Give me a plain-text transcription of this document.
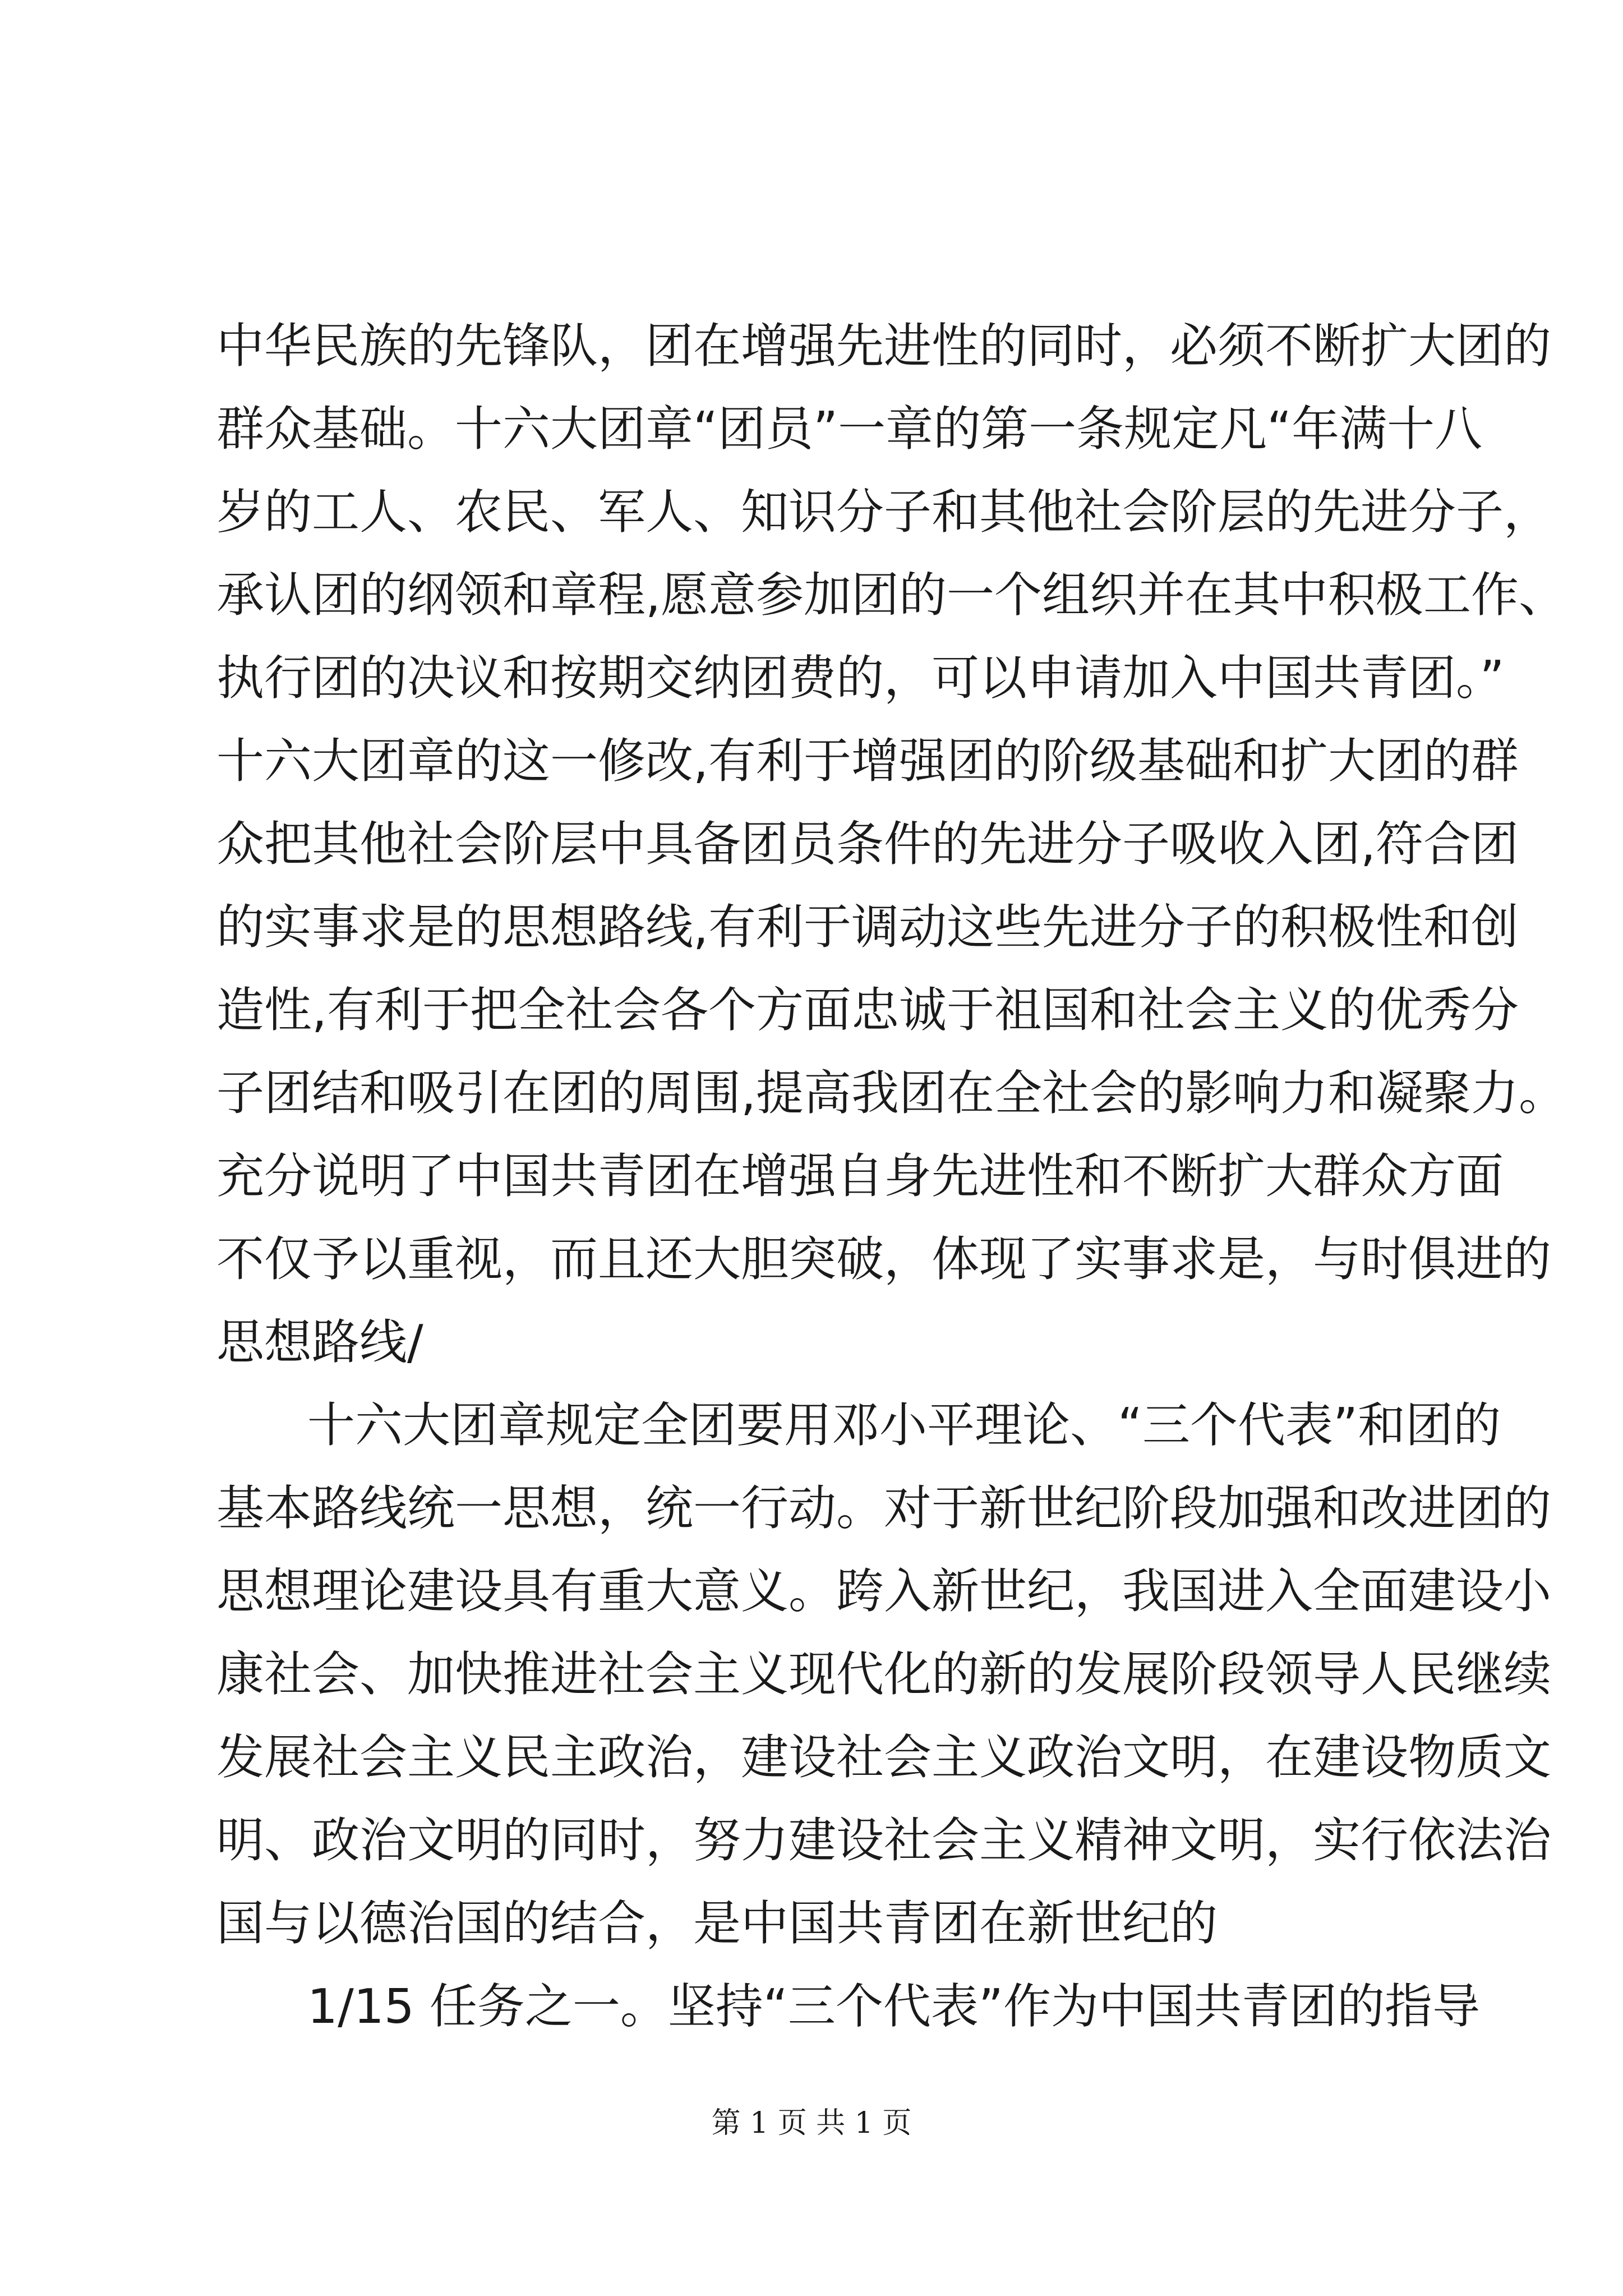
中华民族的先锋队，团在增强先进性的同时，必须不断扩大团的
群众基础。十六大团章“团员”一章的第一条规定凡“年满十八
岁的工人、农民、军人、知识分子和其他社会阶层的先进分子，
承认团的纲领和章程,愿意参加团的一个组织并在其中积极工作、
执行团的决议和按期交纳团费的，可以申请加入中国共青团。”
十六大团章的这一修改,有利于增强团的阶级基础和扩大团的群
众把其他社会阶层中具备团员条件的先进分子吸收入团,符合团
的实事求是的思想路线,有利于调动这些先进分子的积极性和创
造性,有利于把全社会各个方面忠诚于祖国和社会主义的优秀分
子团结和吸引在团的周围,提高我团在全社会的影响力和凝聚力。
充分说明了中国共青团在增强自身先进性和不断扩大群众方面
不仅予以重视，而且还大胆突破，体现了实事求是，与时俱进的
思想路线/
十六大团章规定全团要用邓小平理论、“三个代表”和团的
基本路线统一思想，统一行动。对于新世纪阶段加强和改进团的
思想理论建设具有重大意义。跨入新世纪，我国进入全面建设小
康社会、加快推进社会主义现代化的新的发展阶段领导人民继续
发展社会主义民主政治，建设社会主义政治文明，在建设物质文
明、政治文明的同时，努力建设社会主义精神文明，实行依法治
国与以德治国的结合，是中国共青团在新世纪的
1/15 任务之一。坚持“三个代表”作为中国共青团的指导
第 1 页 共 1 页
